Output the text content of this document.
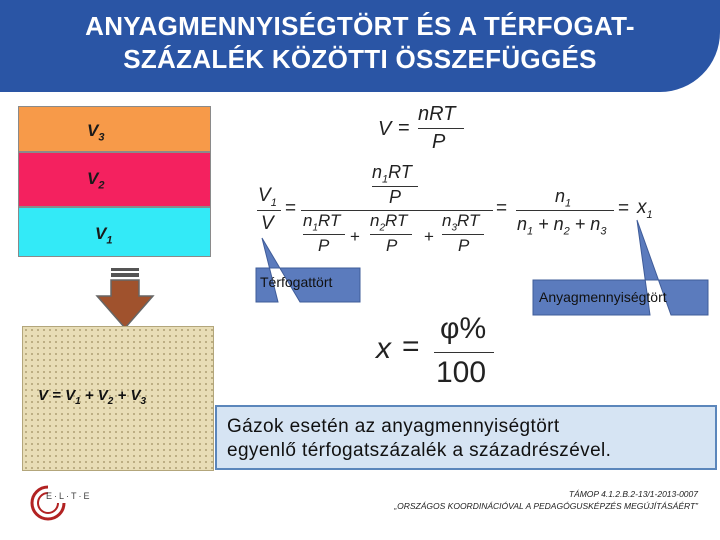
ANYAGMENNYISÉGTÖRT ÉS A TÉRFOGAT-
SZÁZALÉK KÖZÖTTI ÖSSZEFÜGGÉS
$V_3$
$V_2$
$V_1$
$V = V_1 + V_2 + V_3$
V =
nRT
P
$V_1$
V
=
$n_1RT$
P
$n_1RT$
P +
$n_2RT$
P +
$n_3RT$
P
=
$n_1$
$n_1 + n_2 + n_3$
= $x_1$
Térfogattört
Anyagmennyiségtört
x =
φ%
100
Gázok esetén az anyagmennyiségtört
egyenlő térfogatszázalék a századrészével.
E·L·T·E	TÁMOP 4.1.2.B.2-13/1-2013-0007
„ORSZÁGOS KOORDINÁCIÓVAL A PEDAGÓGUSKÉPZÉS MEGÚJÍTÁSÁÉRT”
